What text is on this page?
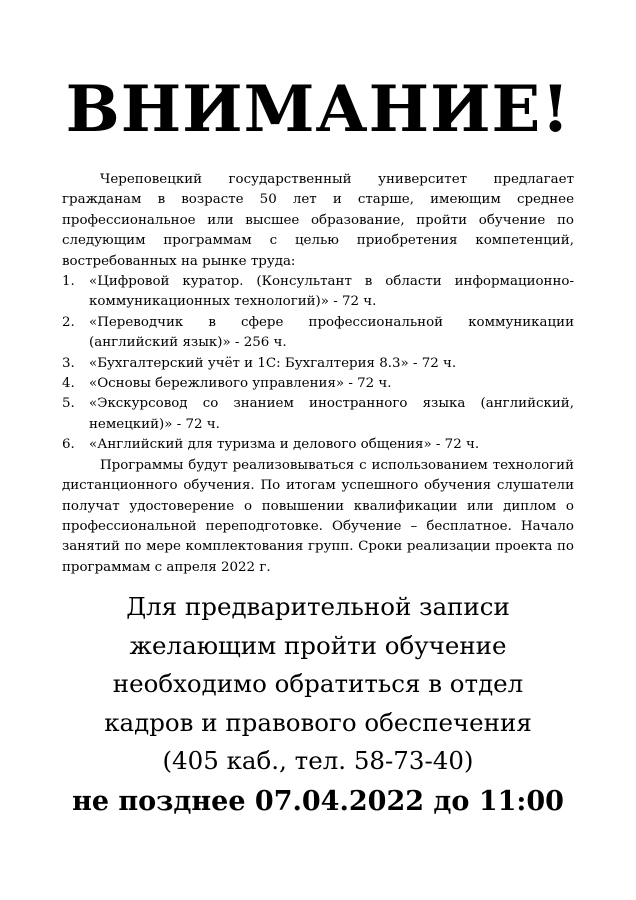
ВНИМАНИЕ!

Череповецкий государственный университет предлагает гражданам в возрасте 50 лет и старше, имеющим среднее профессиональное или высшее образование, пройти обучение по следующим программам с целью приобретения компетенций, востребованных на рынке труда:

1. «Цифровой куратор. (Консультант в области информационно-коммуникационных технологий)» - 72 ч.
2. «Переводчик в сфере профессиональной коммуникации (английский язык)» - 256 ч.
3. «Бухгалтерский учёт и 1С: Бухгалтерия 8.3» - 72 ч.
4. «Основы бережливого управления» - 72 ч.
5. «Экскурсовод со знанием иностранного языка (английский, немецкий)» - 72 ч.
6. «Английский для туризма и делового общения» - 72 ч.

Программы будут реализовываться с использованием технологий дистанционного обучения. По итогам успешного обучения слушатели получат удостоверение о повышении квалификации или диплом о профессиональной переподготовке. Обучение – бесплатное. Начало занятий по мере комплектования групп. Сроки реализации проекта по программам с апреля 2022 г.

Для предварительной записи
желающим пройти обучение
необходимо обратиться в отдел
кадров и правового обеспечения
(405 каб., тел. 58-73-40)
не позднее 07.04.2022 до 11:00
